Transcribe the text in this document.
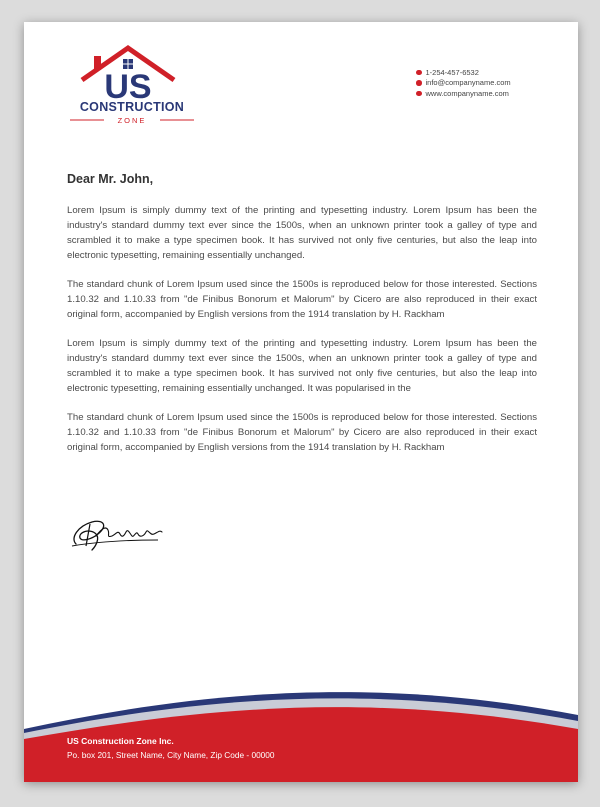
US
CONSTRUCTION
ZONE
1-254-457-6532
info@companyname.com
www.companyname.com
Dear Mr. John,

Lorem Ipsum is simply dummy text of the printing and typesetting industry. Lorem Ipsum has been the industry's standard dummy text ever since the 1500s, when an unknown printer took a galley of type and scrambled it to make a type specimen book. It has survived not only five centuries, but also the leap into electronic typesetting, remaining essentially unchanged.

The standard chunk of Lorem Ipsum used since the 1500s is reproduced below for those interested. Sections 1.10.32 and 1.10.33 from "de Finibus Bonorum et Malorum" by Cicero are also reproduced in their exact original form, accompanied by English versions from the 1914 translation by H. Rackham

Lorem Ipsum is simply dummy text of the printing and typesetting industry. Lorem Ipsum has been the industry's standard dummy text ever since the 1500s, when an unknown printer took a galley of type and scrambled it to make a type specimen book. It has survived not only five centuries, but also the leap into electronic typesetting, remaining essentially unchanged. It was popularised in the

The standard chunk of Lorem Ipsum used since the 1500s is reproduced below for those interested. Sections 1.10.32 and 1.10.33 from "de Finibus Bonorum et Malorum" by Cicero are also reproduced in their exact original form, accompanied by English versions from the 1914 translation by H. Rackham

US Construction Zone Inc.
Po. box 201, Street Name, City Name, Zip Code - 00000
